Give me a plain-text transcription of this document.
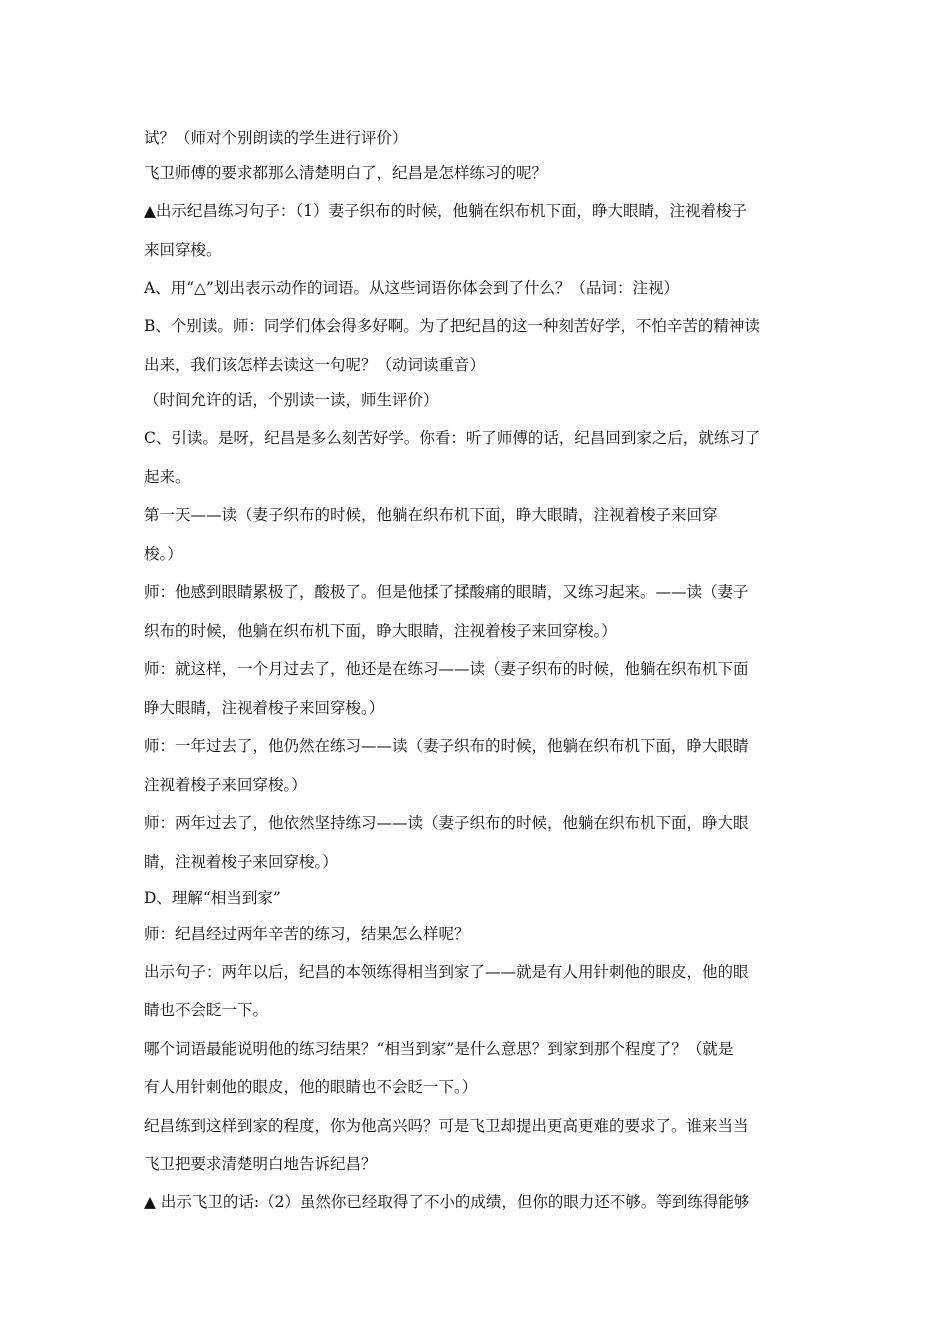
试？（师对个别朗读的学生进行评价）

飞卫师傅的要求都那么清楚明白了，纪昌是怎样练习的呢？

▲出示纪昌练习句子：（1）妻子织布的时候，他躺在织布机下面，睁大眼睛，注视着梭子

来回穿梭。

A、用“△”划出表示动作的词语。从这些词语你体会到了什么？（品词：注视）

B、个别读。师：同学们体会得多好啊。为了把纪昌的这一种刻苦好学，不怕辛苦的精神读

出来，我们该怎样去读这一句呢？（动词读重音）

（时间允许的话，个别读一读，师生评价）

C、引读。是呀，纪昌是多么刻苦好学。你看：听了师傅的话，纪昌回到家之后，就练习了

起来。

第一天——读（妻子织布的时候，他躺在织布机下面，睁大眼睛，注视着梭子来回穿

梭。）

师：他感到眼睛累极了，酸极了。但是他揉了揉酸痛的眼睛，又练习起来。——读（妻子

织布的时候，他躺在织布机下面，睁大眼睛，注视着梭子来回穿梭。）

师：就这样，一个月过去了，他还是在练习——读（妻子织布的时候，他躺在织布机下面

睁大眼睛，注视着梭子来回穿梭。）

师：一年过去了，他仍然在练习——读（妻子织布的时候，他躺在织布机下面，睁大眼睛

注视着梭子来回穿梭。）

师：两年过去了，他依然坚持练习——读（妻子织布的时候，他躺在织布机下面，睁大眼

睛，注视着梭子来回穿梭。）

D、理解“相当到家”

师：纪昌经过两年辛苦的练习，结果怎么样呢？

出示句子：两年以后，纪昌的本领练得相当到家了——就是有人用针刺他的眼皮，他的眼

睛也不会眨一下。

哪个词语最能说明他的练习结果？“相当到家”是什么意思？到家到那个程度了？（就是

有人用针刺他的眼皮，他的眼睛也不会眨一下。）

纪昌练到这样到家的程度，你为他高兴吗？可是飞卫却提出更高更难的要求了。谁来当当

飞卫把要求清楚明白地告诉纪昌？

▲ 出示飞卫的话:（2）虽然你已经取得了不小的成绩，但你的眼力还不够。等到练得能够
